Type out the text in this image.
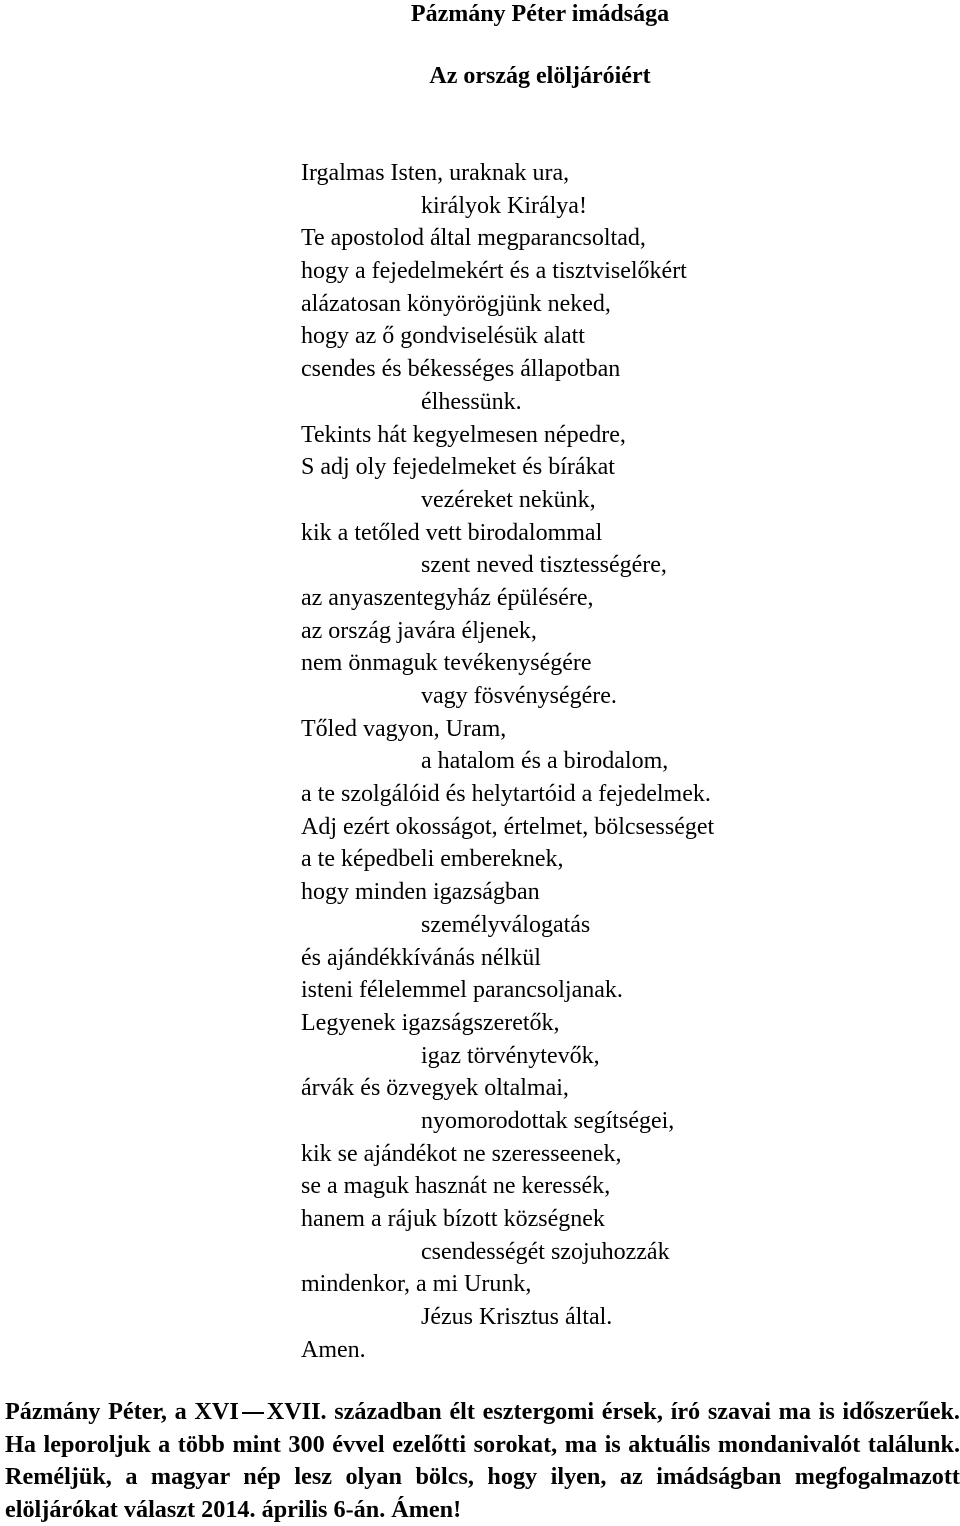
Pázmány Péter imádsága
Az ország elöljáróiért
Irgalmas Isten, uraknak ura,
királyok Királya!
Te apostolod által megparancsoltad,
hogy a fejedelmekért és a tisztviselőkért
alázatosan könyörögjünk neked,
hogy az ő gondviselésük alatt
csendes és békességes állapotban
élhessünk.
Tekints hát kegyelmesen népedre,
S adj oly fejedelmeket és bírákat
vezéreket nekünk,
kik a tetőled vett birodalommal
szent neved tisztességére,
az anyaszentegyház épülésére,
az ország javára éljenek,
nem önmaguk tevékenységére
vagy fösvénységére.
Tőled vagyon, Uram,
a hatalom és a birodalom,
a te szolgálóid és helytartóid a fejedelmek.
Adj ezért okosságot, értelmet, bölcsességet
a te képedbeli embereknek,
hogy minden igazságban
személyválogatás
és ajándékkívánás nélkül
isteni félelemmel parancsoljanak.
Legyenek igazságszeretők,
igaz törvénytevők,
árvák és özvegyek oltalmai,
nyomorodottak segítségei,
kik se ajándékot ne szeresseenek,
se a maguk hasznát ne keressék,
hanem a rájuk bízott községnek
csendességét szojuhozzák
mindenkor, a mi Urunk,
Jézus Krisztus által.
Amen.

Pázmány Péter, a XVI XVII. században élt esztergomi érsek, író szavai ma is időszerűek. Ha leporoljuk a több mint 300 évvel ezelőtti sorokat, ma is aktuális mondanivalót találunk. Reméljük, a magyar nép lesz olyan bölcs, hogy ilyen, az imádságban megfogalmazott elöljárókat választ 2014. április 6-án. Ámen!
